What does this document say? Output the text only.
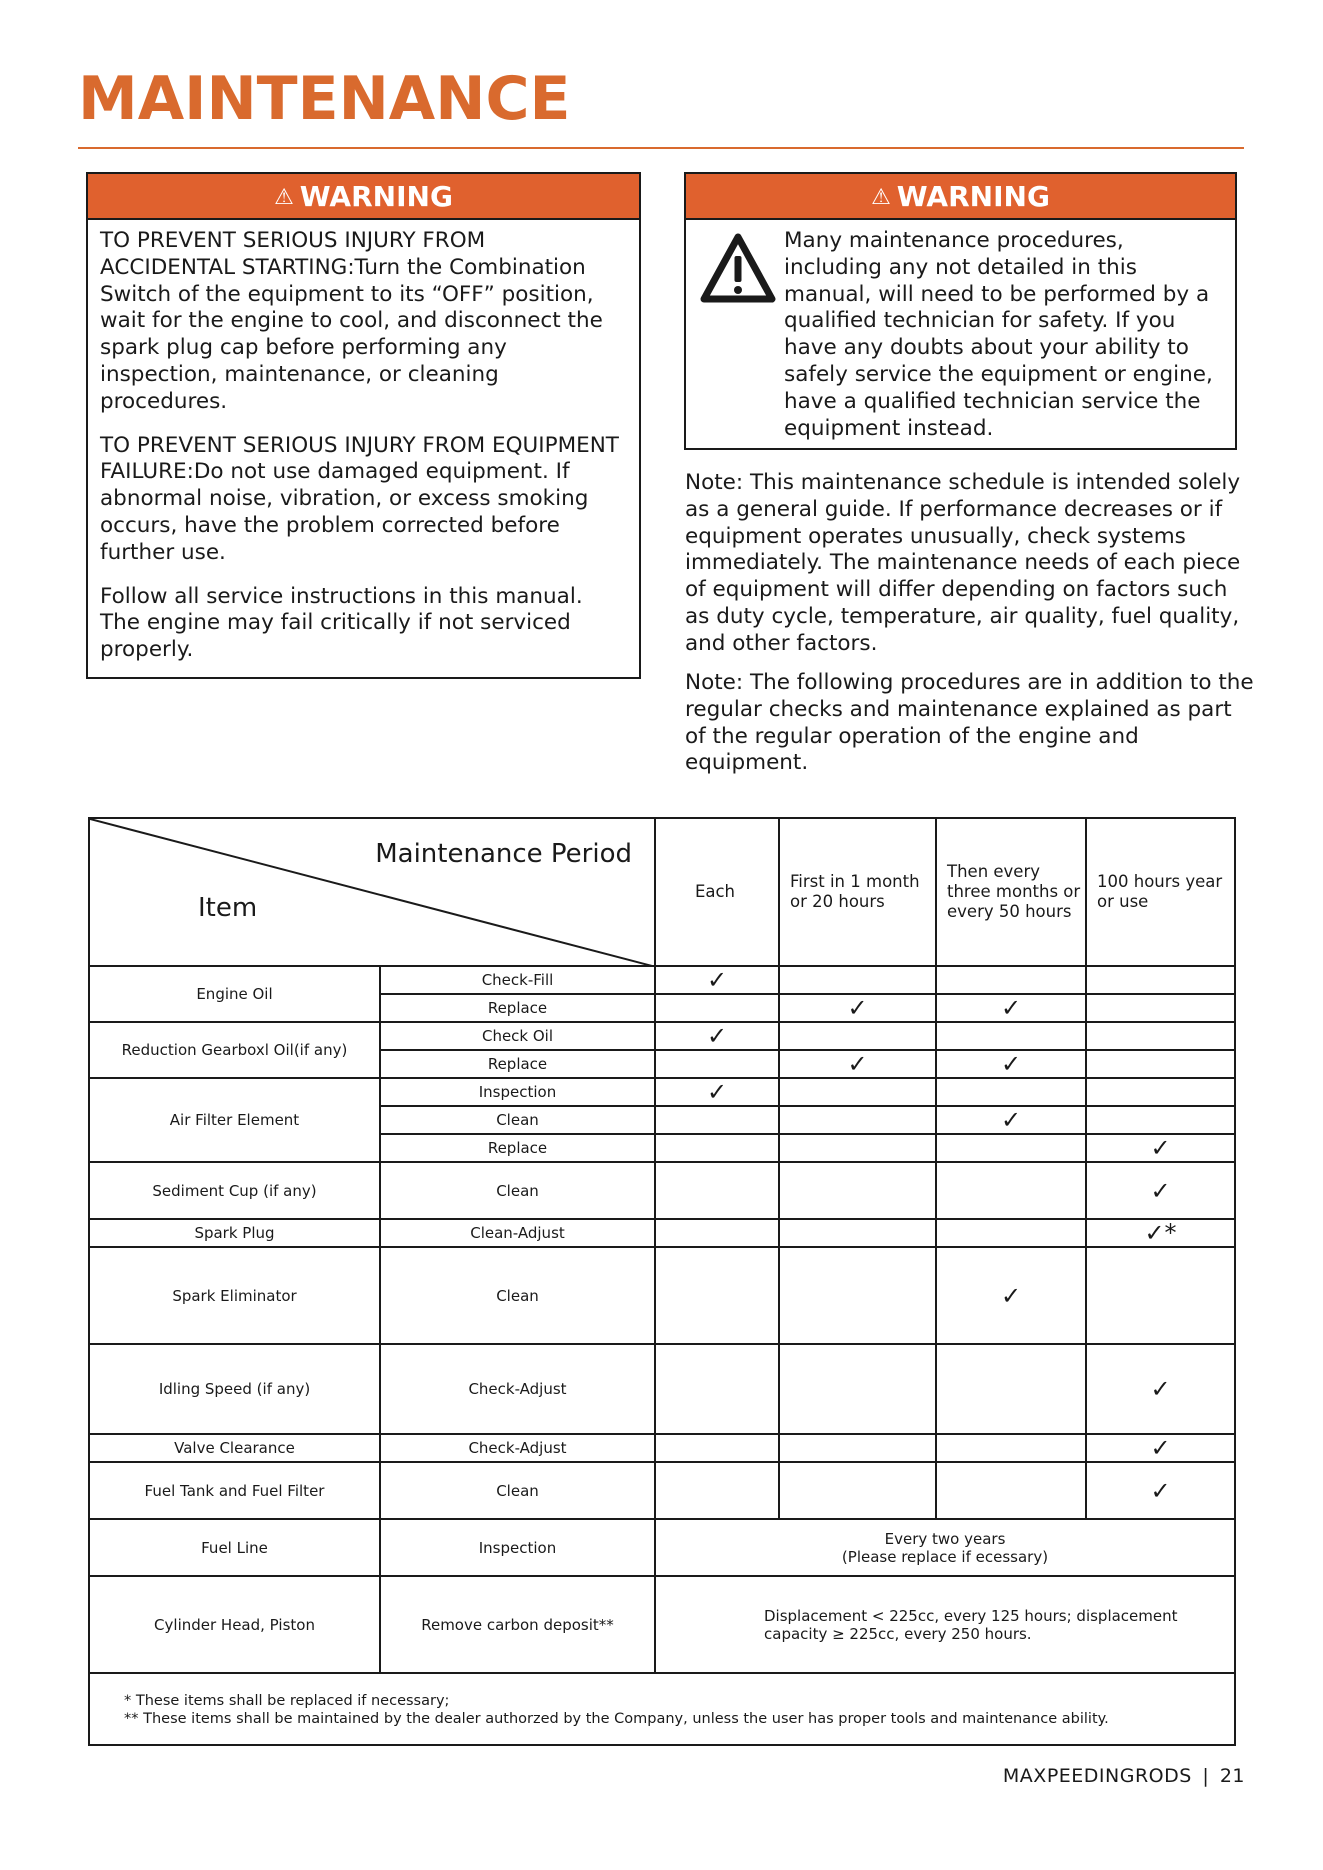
MAINTENANCE
⚠ WARNING

TO PREVENT SERIOUS INJURY FROM ACCIDENTAL STARTING:Turn the Combination Switch of the equipment to its “OFF” position, wait for the engine to cool, and disconnect the spark plug cap before performing any inspection, maintenance, or cleaning procedures.

TO PREVENT SERIOUS INJURY FROM EQUIPMENT FAILURE:Do not use damaged equipment. If abnormal noise, vibration, or excess smoking occurs, have the problem corrected before further use.

Follow all service instructions in this manual. The engine may fail critically if not serviced properly.

⚠ WARNING

Many maintenance procedures, including any not detailed in this manual, will need to be performed by a qualified technician for safety. If you have any doubts about your ability to safely service the equipment or engine, have a qualified technician service the equipment instead.

Note: This maintenance schedule is intended solely as a general guide. If performance decreases or if equipment operates unusually, check systems immediately. The maintenance needs of each piece of equipment will differ depending on factors such as duty cycle, temperature, air quality, fuel quality, and other factors.

Note: The following procedures are in addition to the regular checks and maintenance explained as part of the regular operation of the engine and equipment.

Maintenance Period
Item		Each	First in 1 month or 20 hours	Then every three months or every 50 hours	100 hours year or use
Engine Oil	Check-Fill	✓			
	Replace		✓	✓	
Reduction Gearboxl Oil(if any)	Check Oil	✓			
	Replace		✓	✓	
Air Filter Element	Inspection	✓			
	Clean			✓	
	Replace				✓
Sediment Cup (if any)	Clean				✓
Spark Plug	Clean-Adjust				✓*
Spark Eliminator	Clean			✓	
Idling Speed (if any)	Check-Adjust				✓
Valve Clearance	Check-Adjust				✓
Fuel Tank and Fuel Filter	Clean				✓
Fuel Line	Inspection	Every two years
(Please replace if ecessary)			

Cylinder Head, Piston	Remove carbon deposit**	Displacement < 225cc, every 125 hours; displacement
capacity ≥ 225cc, every 250 hours.			

* These items shall be replaced if necessary;
** These items shall be maintained by the dealer authorzed by the Company, unless the user has proper tools and maintenance ability.					
MAXPEEDINGRODS | 21
